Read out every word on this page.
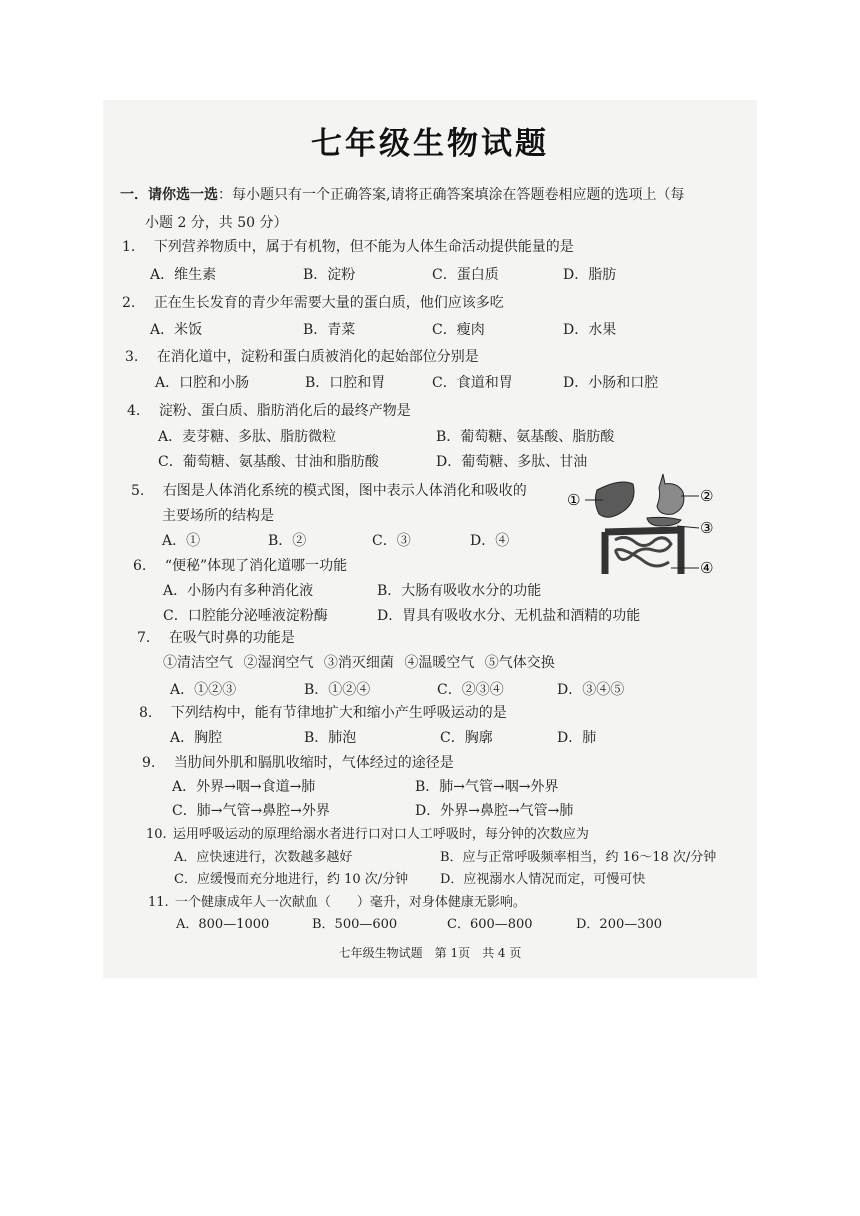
七年级生物试题
一．请你选一选：每小题只有一个正确答案,请将正确答案填涂在答题卷相应题的选项上（每
小题 2 分，共 50 分）
1. 下列营养物质中，属于有机物，但不能为人体生命活动提供能量的是
A．维生素	B．淀粉	C．蛋白质	D．脂肪
2. 正在生长发育的青少年需要大量的蛋白质，他们应该多吃
A．米饭	B．青菜	C．瘦肉	D．水果
3. 在消化道中，淀粉和蛋白质被消化的起始部位分别是
A．口腔和小肠	B．口腔和胃	C．食道和胃	D．小肠和口腔
4. 淀粉、蛋白质、脂肪消化后的最终产物是
A．麦芽糖、多肽、脂肪微粒	B．葡萄糖、氨基酸、脂肪酸
C．葡萄糖、氨基酸、甘油和脂肪酸	D．葡萄糖、多肽、甘油
5. 右图是人体消化系统的模式图，图中表示人体消化和吸收的
主要场所的结构是
A．①	B．②	C．③	D．④
①	②
③
④
6. “便秘”体现了消化道哪一功能
A．小肠内有多种消化液	B．大肠有吸收水分的功能
C．口腔能分泌唾液淀粉酶	D．胃具有吸收水分、无机盐和酒精的功能
7. 在吸气时鼻的功能是
①清洁空气 ②湿润空气 ③消灭细菌 ④温暖空气 ⑤气体交换
A．①②③	B．①②④	C．②③④	D．③④⑤
8. 下列结构中，能有节律地扩大和缩小产生呼吸运动的是
A．胸腔	B．肺泡	C．胸廓	D．肺
9. 当肋间外肌和膈肌收缩时，气体经过的途径是
A．外界→咽→食道→肺	B．肺→气管→咽→外界
C．肺→气管→鼻腔→外界	D．外界→鼻腔→气管→肺
10. 运用呼吸运动的原理给溺水者进行口对口人工呼吸时，每分钟的次数应为
A．应快速进行，次数越多越好	B．应与正常呼吸频率相当，约 16～18 次/分钟
C．应缓慢而充分地进行，约 10 次/分钟 D．应视溺水人情况而定，可慢可快
11. 一个健康成年人一次献血（　　）毫升，对身体健康无影响。
A．800—1000	B．500—600	C．600—800	D．200—300
七年级生物试题　第 1页　共 4 页
